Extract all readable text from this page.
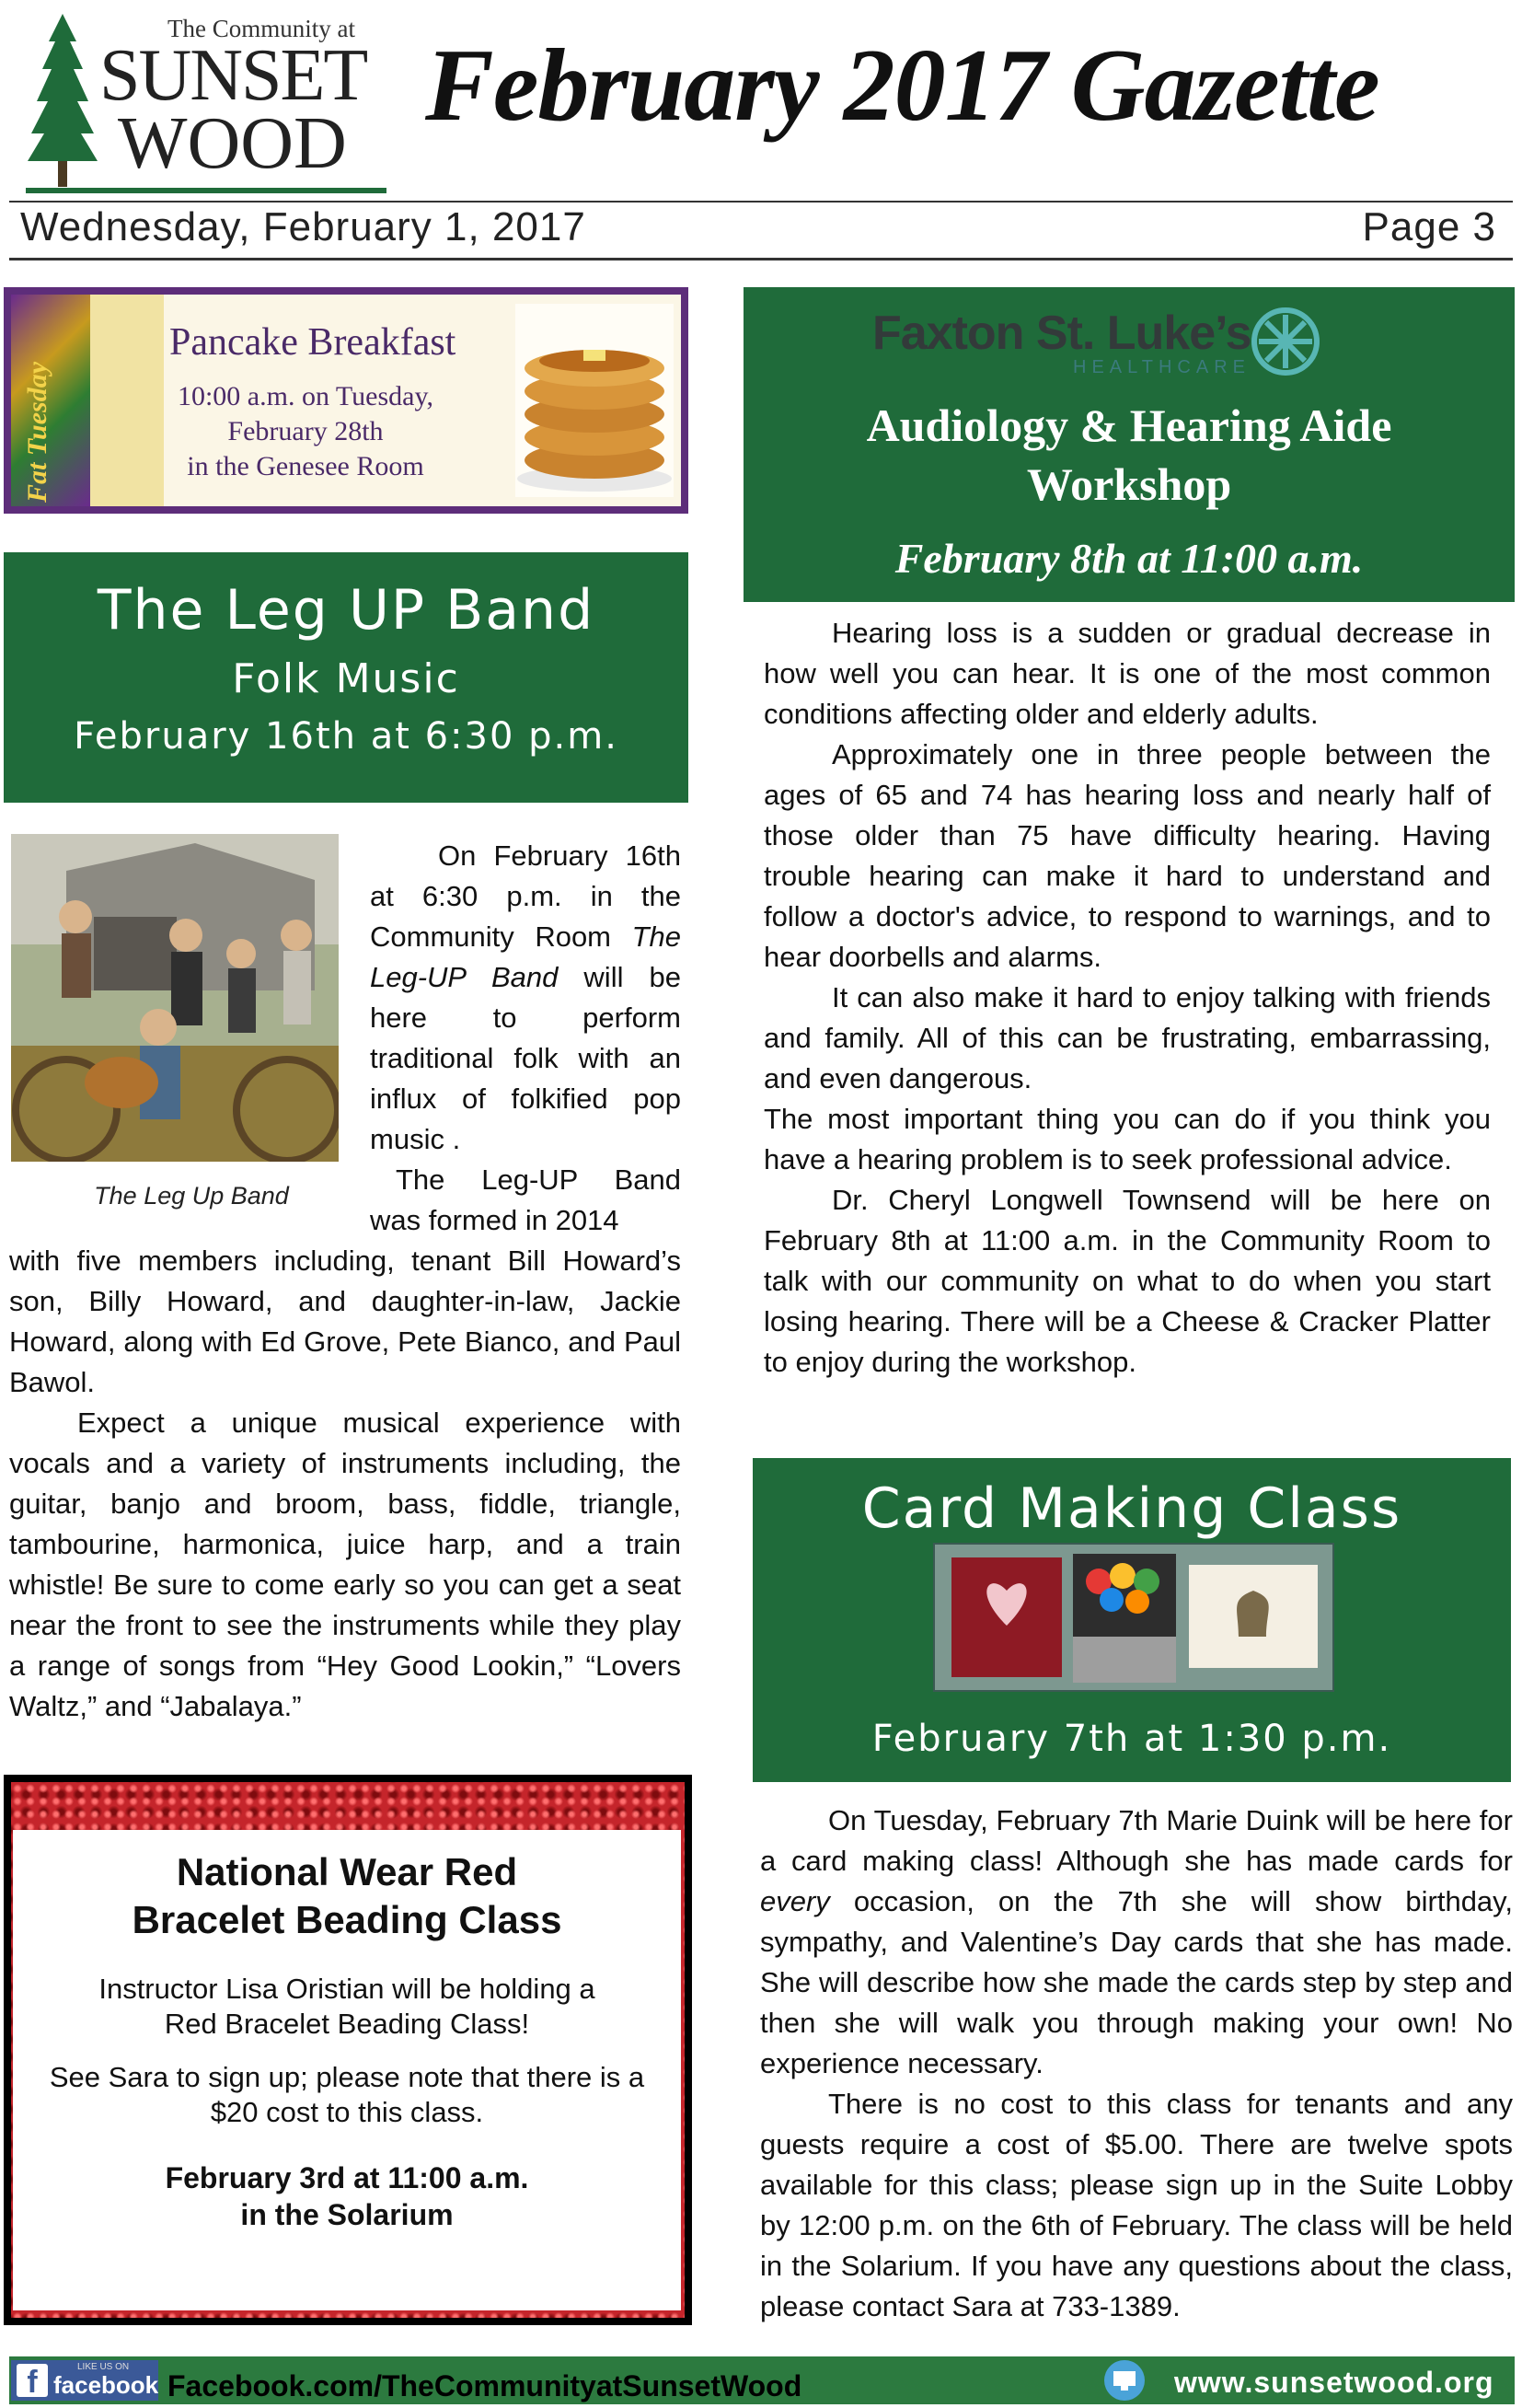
The Community at
SUNSET
WOOD
February 2017 Gazette
Wednesday, February 1, 2017	Page 3
Fat Tuesday
Pancake Breakfast
10:00 a.m. on Tuesday,
February 28th
in the Genesee Room
The Leg UP Band
Folk Music
February 16th at 6:30 p.m.
The Leg Up Band

On February 16th at 6:30 p.m. in the Community Room The Leg-UP Band will be here to perform traditional folk with an influx of folkified pop music .

The Leg-UP Band was formed in 2014

with five members including, tenant Bill Howard’s son, Billy Howard, and daughter-in-law, Jackie Howard, along with Ed Grove, Pete Bianco, and Paul Bawol.

Expect a unique musical experience with vocals and a variety of instruments including, the guitar, banjo and broom, bass, fiddle, triangle, tambourine, harmonica, juice harp, and a train whistle! Be sure to come early so you can get a seat near the front to see the instruments while they play a range of songs from “Hey Good Lookin,” “Lovers Waltz,” and “Jabalaya.”

National Wear Red
Bracelet Beading Class
Instructor Lisa Oristian will be holding a
Red Bracelet Beading Class!
See Sara to sign up; please note that there is a
$20 cost to this class.
February 3rd at 11:00 a.m.
in the Solarium
Faxton St. Luke’s
HEALTHCARE
Audiology & Hearing Aide
Workshop
February 8th at 11:00 a.m.

Hearing loss is a sudden or gradual decrease in how well you can hear. It is one of the most common conditions affecting older and elderly adults.

Approximately one in three people between the ages of 65 and 74 has hearing loss and nearly half of those older than 75 have difficulty hearing. Having trouble hearing can make it hard to understand and follow a doctor's advice, to respond to warnings, and to hear doorbells and alarms.

It can also make it hard to enjoy talking with friends and family. All of this can be frustrating, embarrassing, and even dangerous.

The most important thing you can do if you think you have a hearing problem is to seek professional advice.

Dr. Cheryl Longwell Townsend will be here on February 8th at 11:00 a.m. in the Community Room to talk with our community on what to do when you start losing hearing. There will be a Cheese & Cracker Platter to enjoy during the workshop.

Card Making Class
February 7th at 1:30 p.m.

On Tuesday, February 7th Marie Duink will be here for a card making class! Although she has made cards for every occasion, on the 7th she will show birthday, sympathy, and Valentine’s Day cards that she has made. She will describe how she made the cards step by step and then she will walk you through making your own! No experience necessary.

There is no cost to this class for tenants and any guests require a cost of $5.00. There are twelve spots available for this class; please sign up in the Suite Lobby by 12:00 p.m. on the 6th of February. The class will be held in the Solarium. If you have any questions about the class, please contact Sara at 733-1389.

LIKE US ON
f facebook Facebook.com/TheCommunityatSunsetWood	www.sunsetwood.org
